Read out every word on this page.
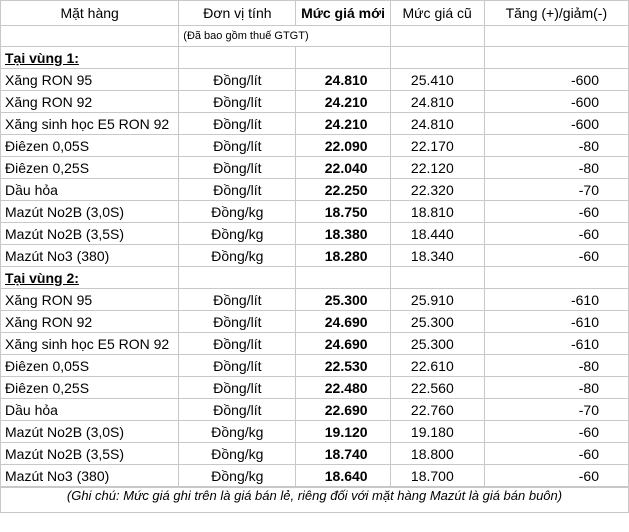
Mặt hàng	Đơn vị tính	Mức giá mới	Mức giá cũ	Tăng (+)/giảm(-)
	(Đã bao gồm thuế GTGT)			
Tại vùng 1:				
Xăng RON 95	Đồng/lít	24.810	25.410	-600
Xăng RON 92	Đồng/lít	24.210	24.810	-600
Xăng sinh học E5 RON 92	Đồng/lít	24.210	24.810	-600
Điêzen 0,05S	Đồng/lít	22.090	22.170	-80
Điêzen 0,25S	Đồng/lít	22.040	22.120	-80
Dầu hỏa	Đồng/lít	22.250	22.320	-70
Mazút No2B (3,0S)	Đồng/kg	18.750	18.810	-60
Mazút No2B (3,5S)	Đồng/kg	18.380	18.440	-60
Mazút No3 (380)	Đồng/kg	18.280	18.340	-60
Tại vùng 2:				
Xăng RON 95	Đồng/lít	25.300	25.910	-610
Xăng RON 92	Đồng/lít	24.690	25.300	-610
Xăng sinh học E5 RON 92	Đồng/lít	24.690	25.300	-610
Điêzen 0,05S	Đồng/lít	22.530	22.610	-80
Điêzen 0,25S	Đồng/lít	22.480	22.560	-80
Dầu hỏa	Đồng/lít	22.690	22.760	-70
Mazút No2B (3,0S)	Đồng/kg	19.120	19.180	-60
Mazút No2B (3,5S)	Đồng/kg	18.740	18.800	-60
Mazút No3 (380)	Đồng/kg	18.640	18.700	-60
(Ghi chú: Mức giá ghi trên là giá bán lẻ, riêng đối với mặt hàng Mazút là giá bán buôn)
